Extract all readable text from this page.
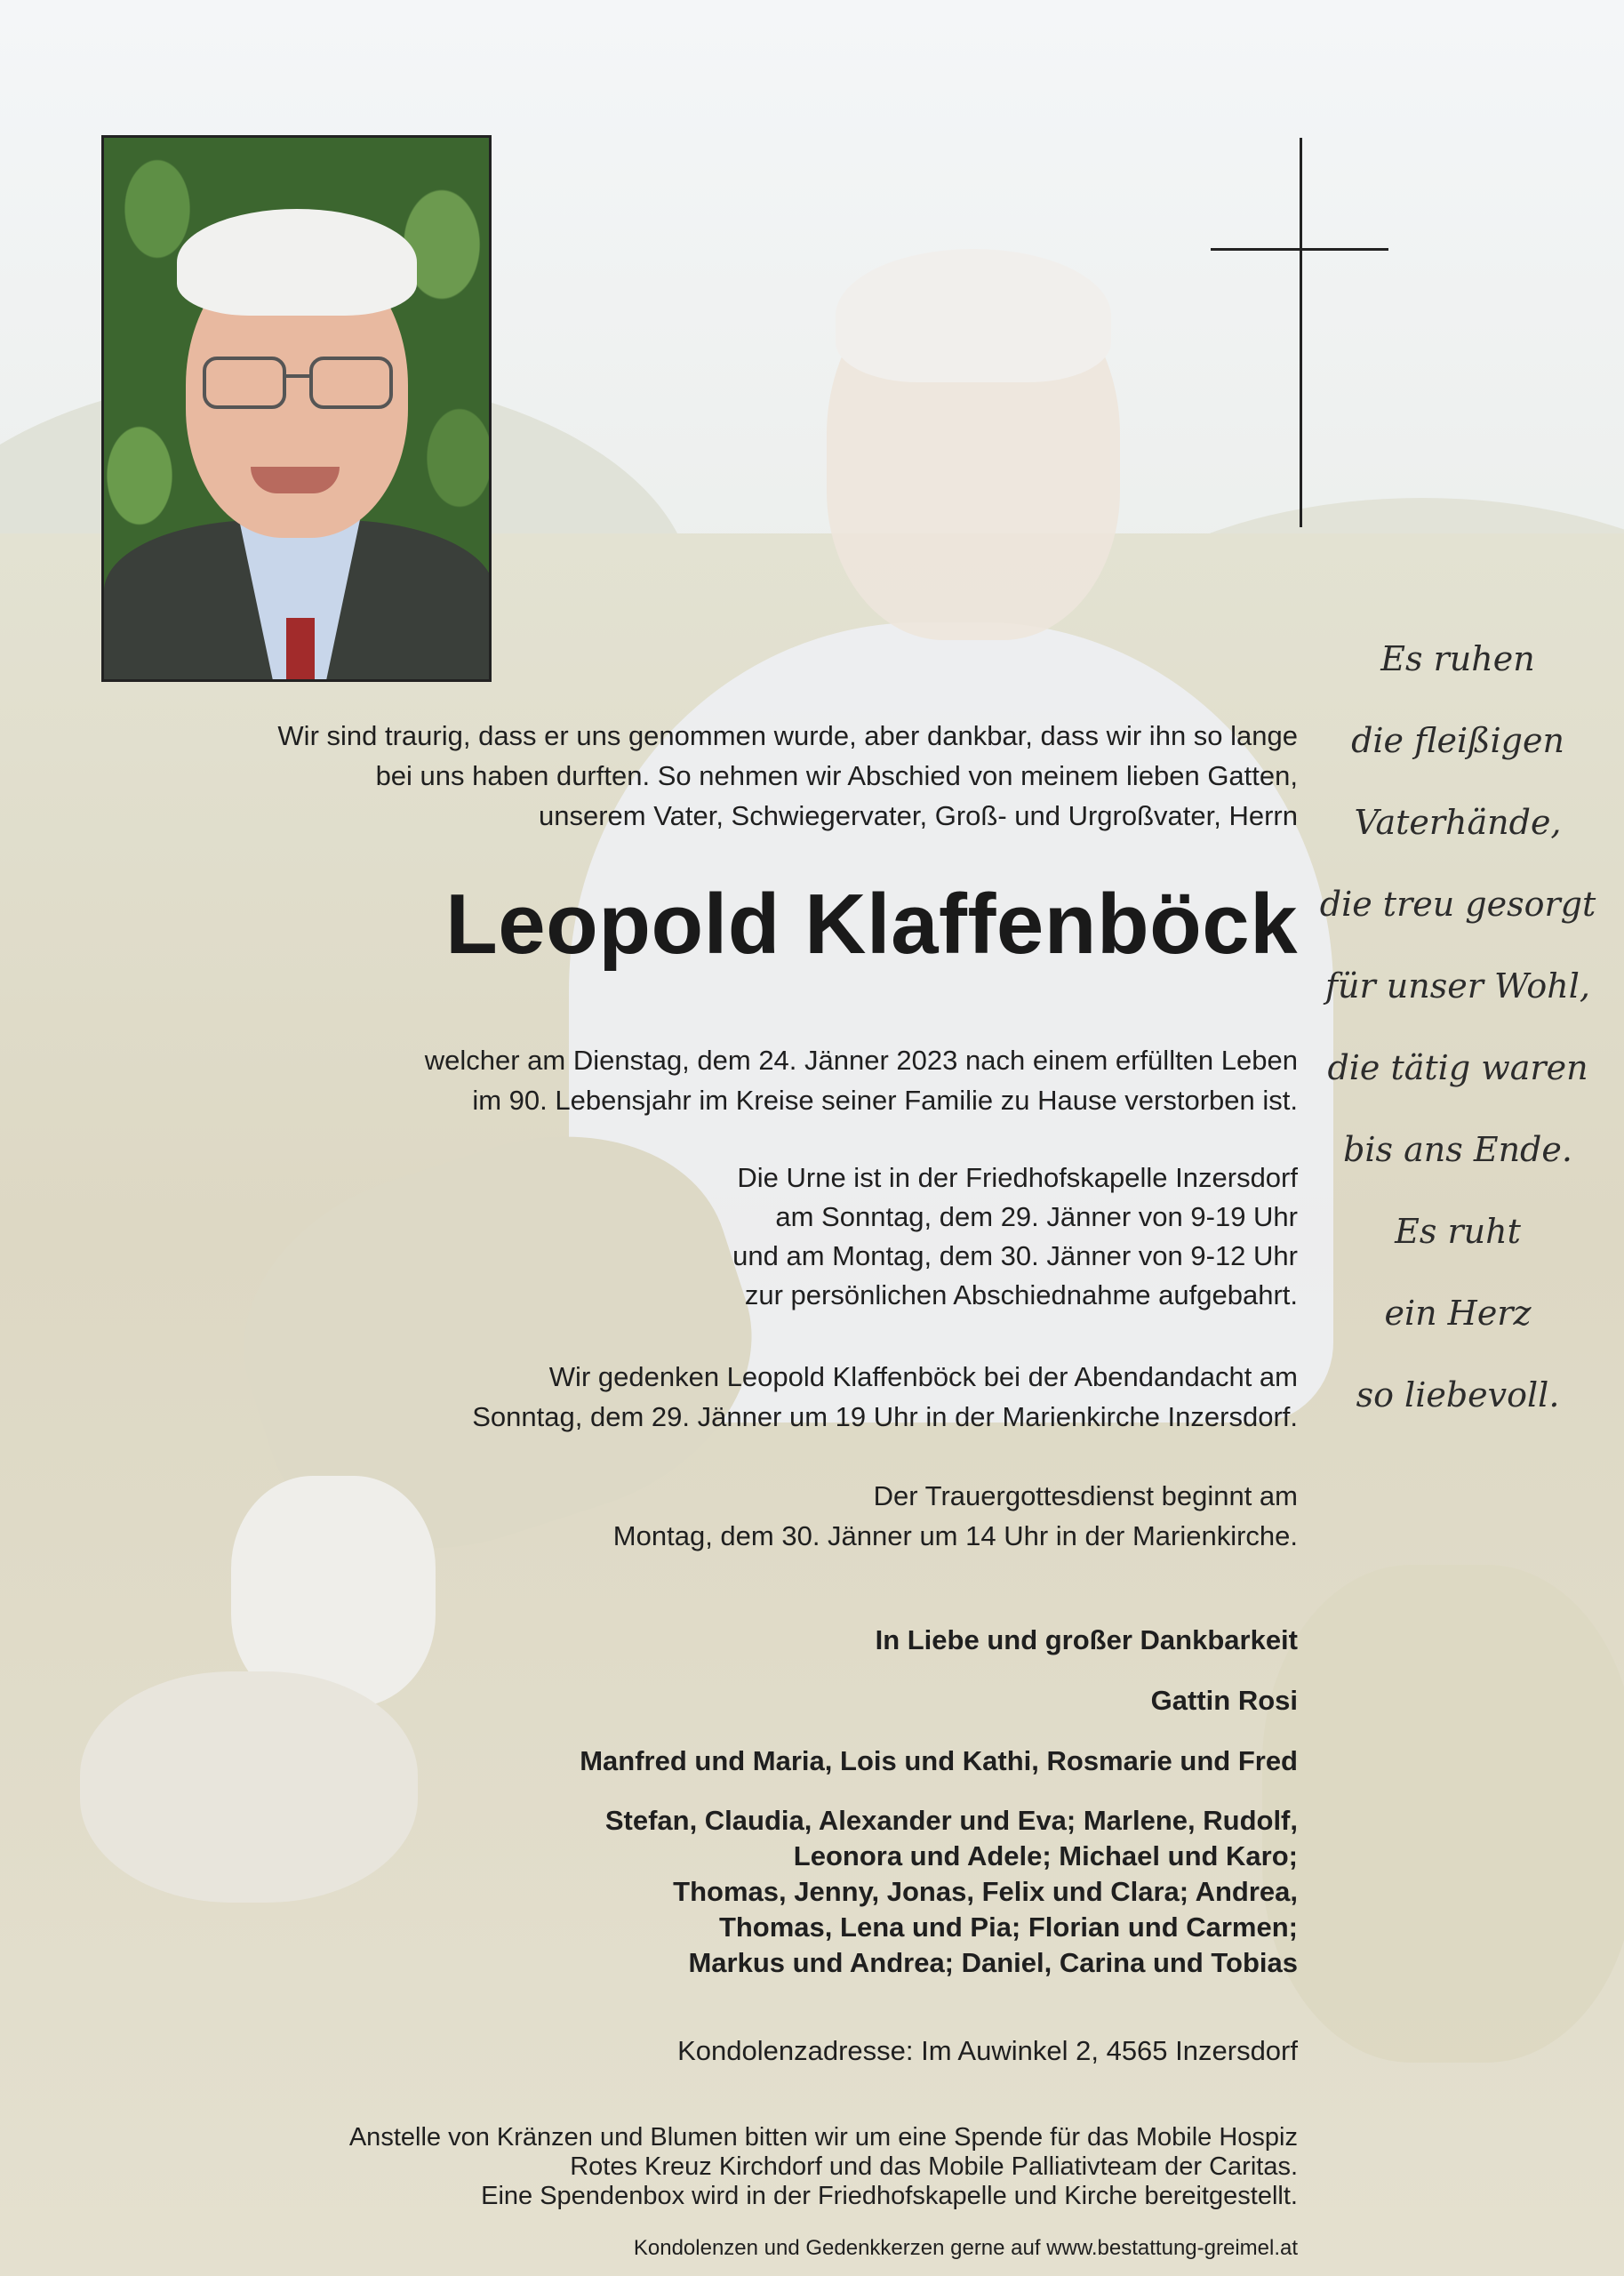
Es ruhen
die fleißigen
Vaterhände,
die treu gesorgt
für unser Wohl,
die tätig waren
bis ans Ende.
Es ruht
ein Herz
so liebevoll.
Wir sind traurig, dass er uns genommen wurde, aber dankbar, dass wir ihn so lange
bei uns haben durften. So nehmen wir Abschied von meinem lieben Gatten,
unserem Vater, Schwiegervater, Groß- und Urgroßvater, Herrn
Leopold Klaffenböck
welcher am Dienstag, dem 24. Jänner 2023 nach einem erfüllten Leben
im 90. Lebensjahr im Kreise seiner Familie zu Hause verstorben ist.
Die Urne ist in der Friedhofskapelle Inzersdorf
am Sonntag, dem 29. Jänner von 9-19 Uhr
und am Montag, dem 30. Jänner von 9-12 Uhr
zur persönlichen Abschiednahme aufgebahrt.
Wir gedenken Leopold Klaffenböck bei der Abendandacht am
Sonntag, dem 29. Jänner um 19 Uhr in der Marienkirche Inzersdorf.
Der Trauergottesdienst beginnt am
Montag, dem 30. Jänner um 14 Uhr in der Marienkirche.
In Liebe und großer Dankbarkeit
Gattin Rosi
Manfred und Maria, Lois und Kathi, Rosmarie und Fred
Stefan, Claudia, Alexander und Eva; Marlene, Rudolf,
Leonora und Adele; Michael und Karo;
Thomas, Jenny, Jonas, Felix und Clara; Andrea,
Thomas, Lena und Pia; Florian und Carmen;
Markus und Andrea; Daniel, Carina und Tobias
Kondolenzadresse: Im Auwinkel 2, 4565 Inzersdorf
Anstelle von Kränzen und Blumen bitten wir um eine Spende für das Mobile Hospiz
Rotes Kreuz Kirchdorf und das Mobile Palliativteam der Caritas.
Eine Spendenbox wird in der Friedhofskapelle und Kirche bereitgestellt.
Kondolenzen und Gedenkkerzen gerne auf www.bestattung-greimel.at
